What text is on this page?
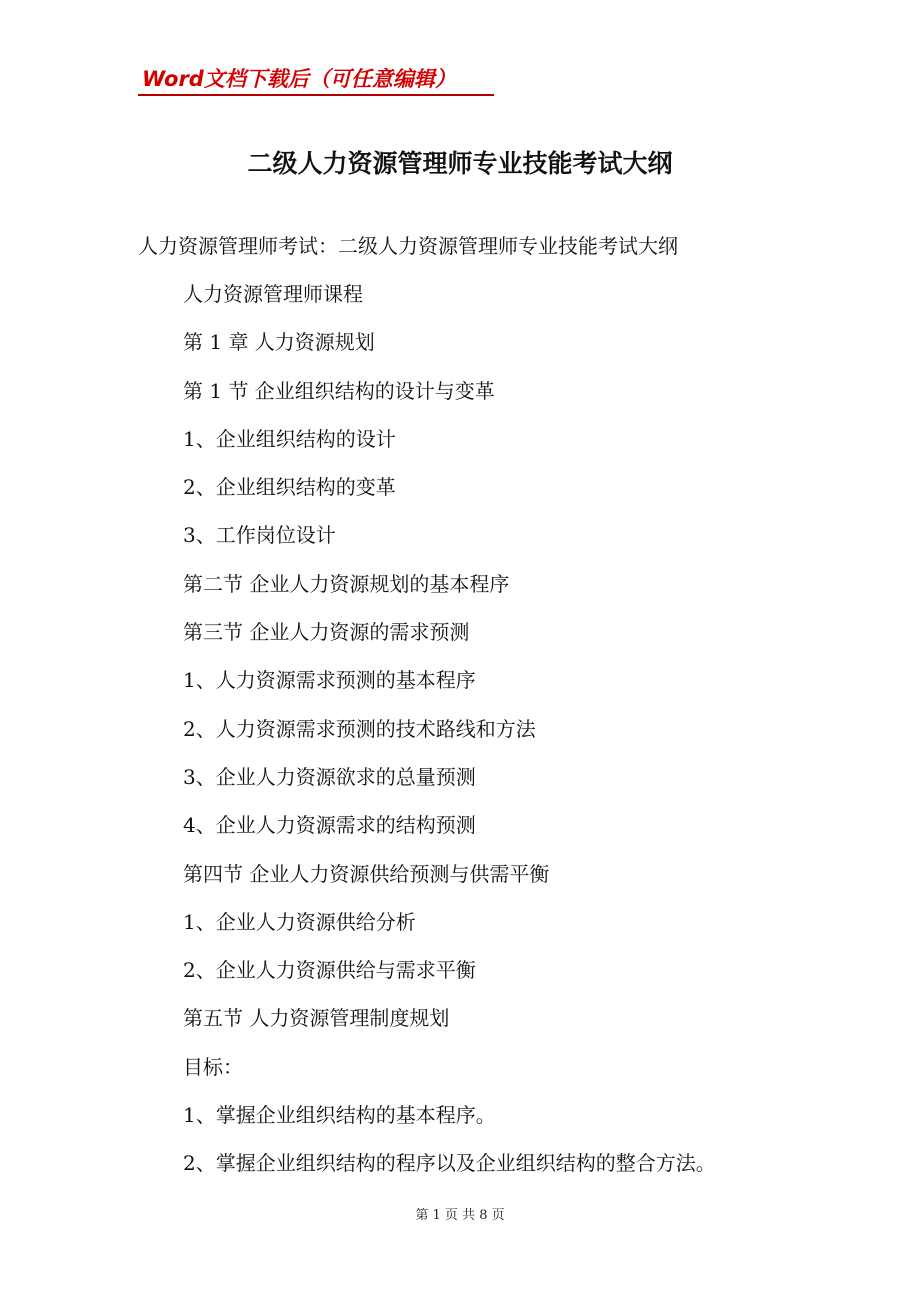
Word文档下载后（可任意编辑）
二级人力资源管理师专业技能考试大纲
人力资源管理师考试：二级人力资源管理师专业技能考试大纲
人力资源管理师课程
第 1 章 人力资源规划
第 1 节 企业组织结构的设计与变革
1、企业组织结构的设计
2、企业组织结构的变革
3、工作岗位设计
第二节 企业人力资源规划的基本程序
第三节 企业人力资源的需求预测
1、人力资源需求预测的基本程序
2、人力资源需求预测的技术路线和方法
3、企业人力资源欲求的总量预测
4、企业人力资源需求的结构预测
第四节 企业人力资源供给预测与供需平衡
1、企业人力资源供给分析
2、企业人力资源供给与需求平衡
第五节 人力资源管理制度规划
目标：
1、掌握企业组织结构的基本程序。
2、掌握企业组织结构的程序以及企业组织结构的整合方法。
第 1 页 共 8 页
